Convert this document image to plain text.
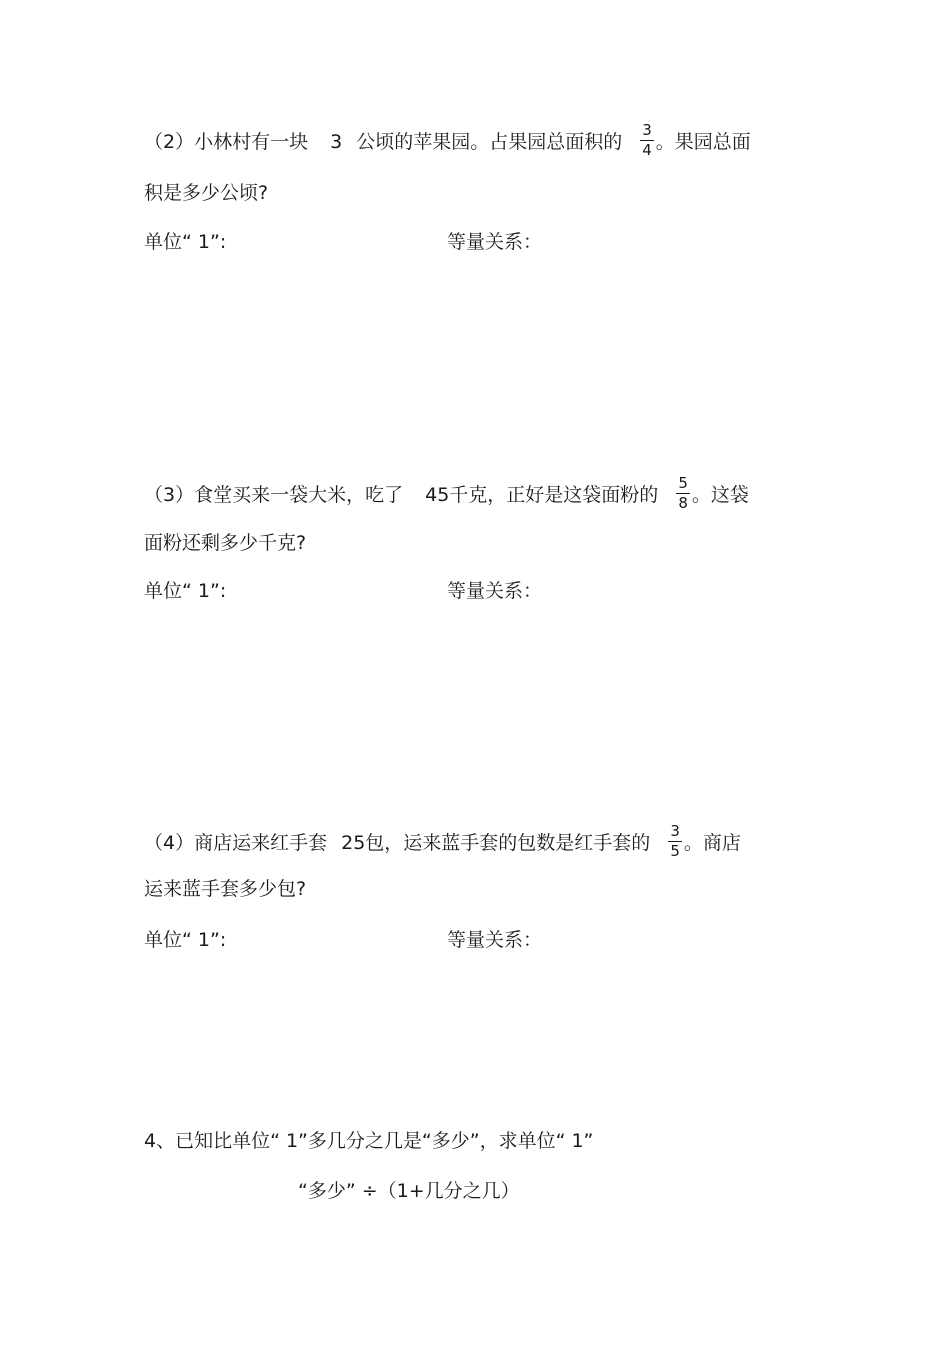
（2）小林村有一块 3 公顷的苹果园。占果园总面积的 $\frac{3}{4}$ 。果园总面
积是多少公顷?
单位“ 1”:	等量关系：
（3）食堂买来一袋大米，吃了 45千克，正好是这袋面粉的 $\frac{5}{8}$ 。这袋
面粉还剩多少千克?
单位“ 1”:	等量关系：
（4）商店运来红手套 25包，运来蓝手套的包数是红手套的 $\frac{3}{5}$ 。商店
运来蓝手套多少包?
单位“ 1”:	等量关系：
4、已知比单位“ 1”多几分之几是“多少”，求单位“ 1”
“多少” ÷（1+几分之几）
